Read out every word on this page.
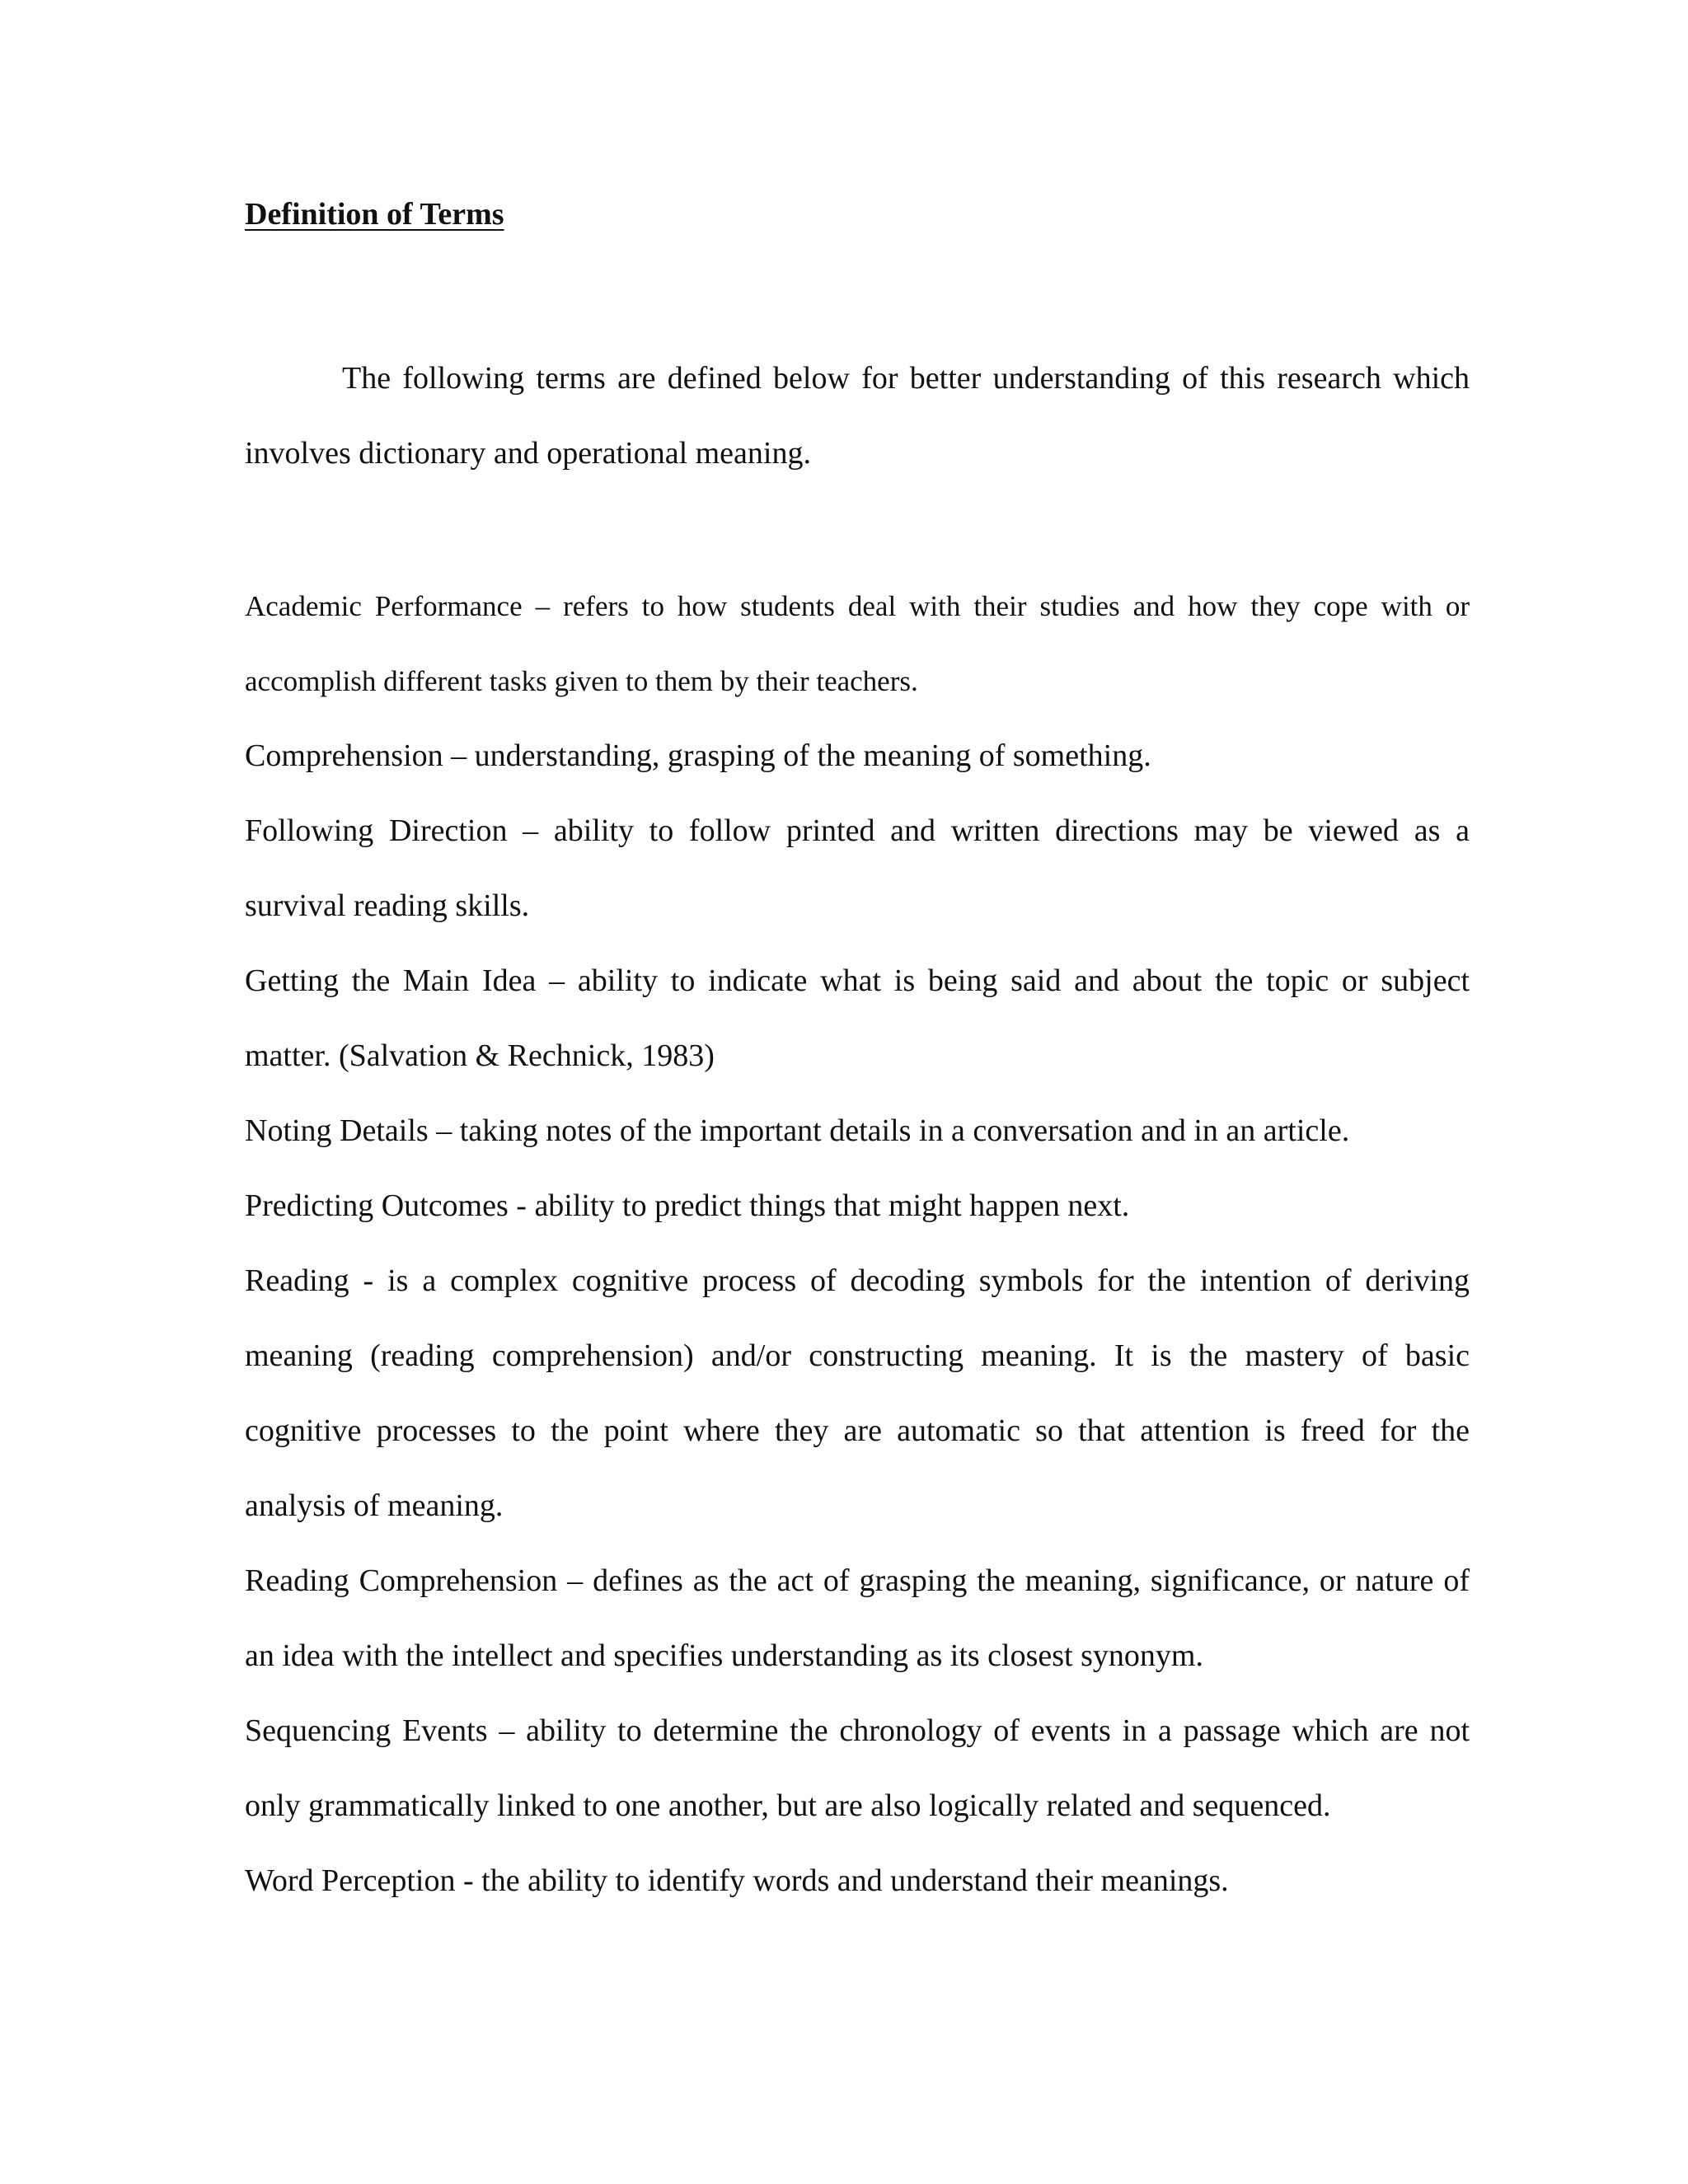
Definition of Terms

The following terms are defined below for better understanding of this research which involves dictionary and operational meaning.

Academic Performance – refers to how students deal with their studies and how they cope with or accomplish different tasks given to them by their teachers.

Comprehension – understanding, grasping of the meaning of something.

Following Direction – ability to follow printed and written directions may be viewed as a survival reading skills.

Getting the Main Idea – ability to indicate what is being said and about the topic or subject matter. (Salvation & Rechnick, 1983)

Noting Details – taking notes of the important details in a conversation and in an article.

Predicting Outcomes - ability to predict things that might happen next.

Reading - is a complex cognitive process of decoding symbols for the intention of deriving meaning (reading comprehension) and/or constructing meaning. It is the mastery of basic cognitive processes to the point where they are automatic so that attention is freed for the analysis of meaning.

Reading Comprehension – defines as the act of grasping the meaning, significance, or nature of an idea with the intellect and specifies understanding as its closest synonym.

Sequencing Events – ability to determine the chronology of events in a passage which are not only grammatically linked to one another, but are also logically related and sequenced.

Word Perception - the ability to identify words and understand their meanings.
